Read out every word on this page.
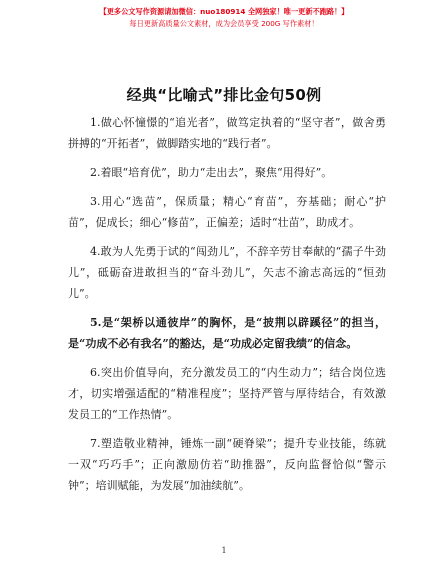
【更多公文写作资源请加微信：nuo180914 全网独家！唯一更新不跑路！】
每日更新高质量公文素材，成为会员享受 200G 写作素材！
经典“比喻式”排比金句50例

1.做心怀憧憬的“追光者”，做笃定执着的“坚守者”，做舍勇拼搏的“开拓者”，做脚踏实地的“践行者”。

2.着眼“培育优”，助力“走出去”，聚焦“用得好”。

3.用心“选苗”，保质量；精心“育苗”，夯基础；耐心“护苗”，促成长；细心“修苗”，正偏差；适时“壮苗”，助成才。

4.敢为人先勇于试的“闯劲儿”，不辞辛劳甘奉献的“孺子牛劲儿”，砥砺奋进敢担当的“奋斗劲儿”，矢志不渝志高远的“恒劲儿”。

5.是“架桥以通彼岸”的胸怀，是“披荆以辟蹊径”的担当，是“功成不必有我名”的豁达，是“功成必定留我绩”的信念。

6.突出价值导向，充分激发员工的“内生动力”；结合岗位选才，切实增强适配的“精准程度”；坚持严管与厚待结合，有效激发员工的“工作热情”。

7.塑造敬业精神，锤炼一副“硬脊梁”；提升专业技能，练就一双“巧巧手”；正向激励仿若“助推器”，反向监督恰似“警示钟”；培训赋能，为发展“加油续航”。

1
